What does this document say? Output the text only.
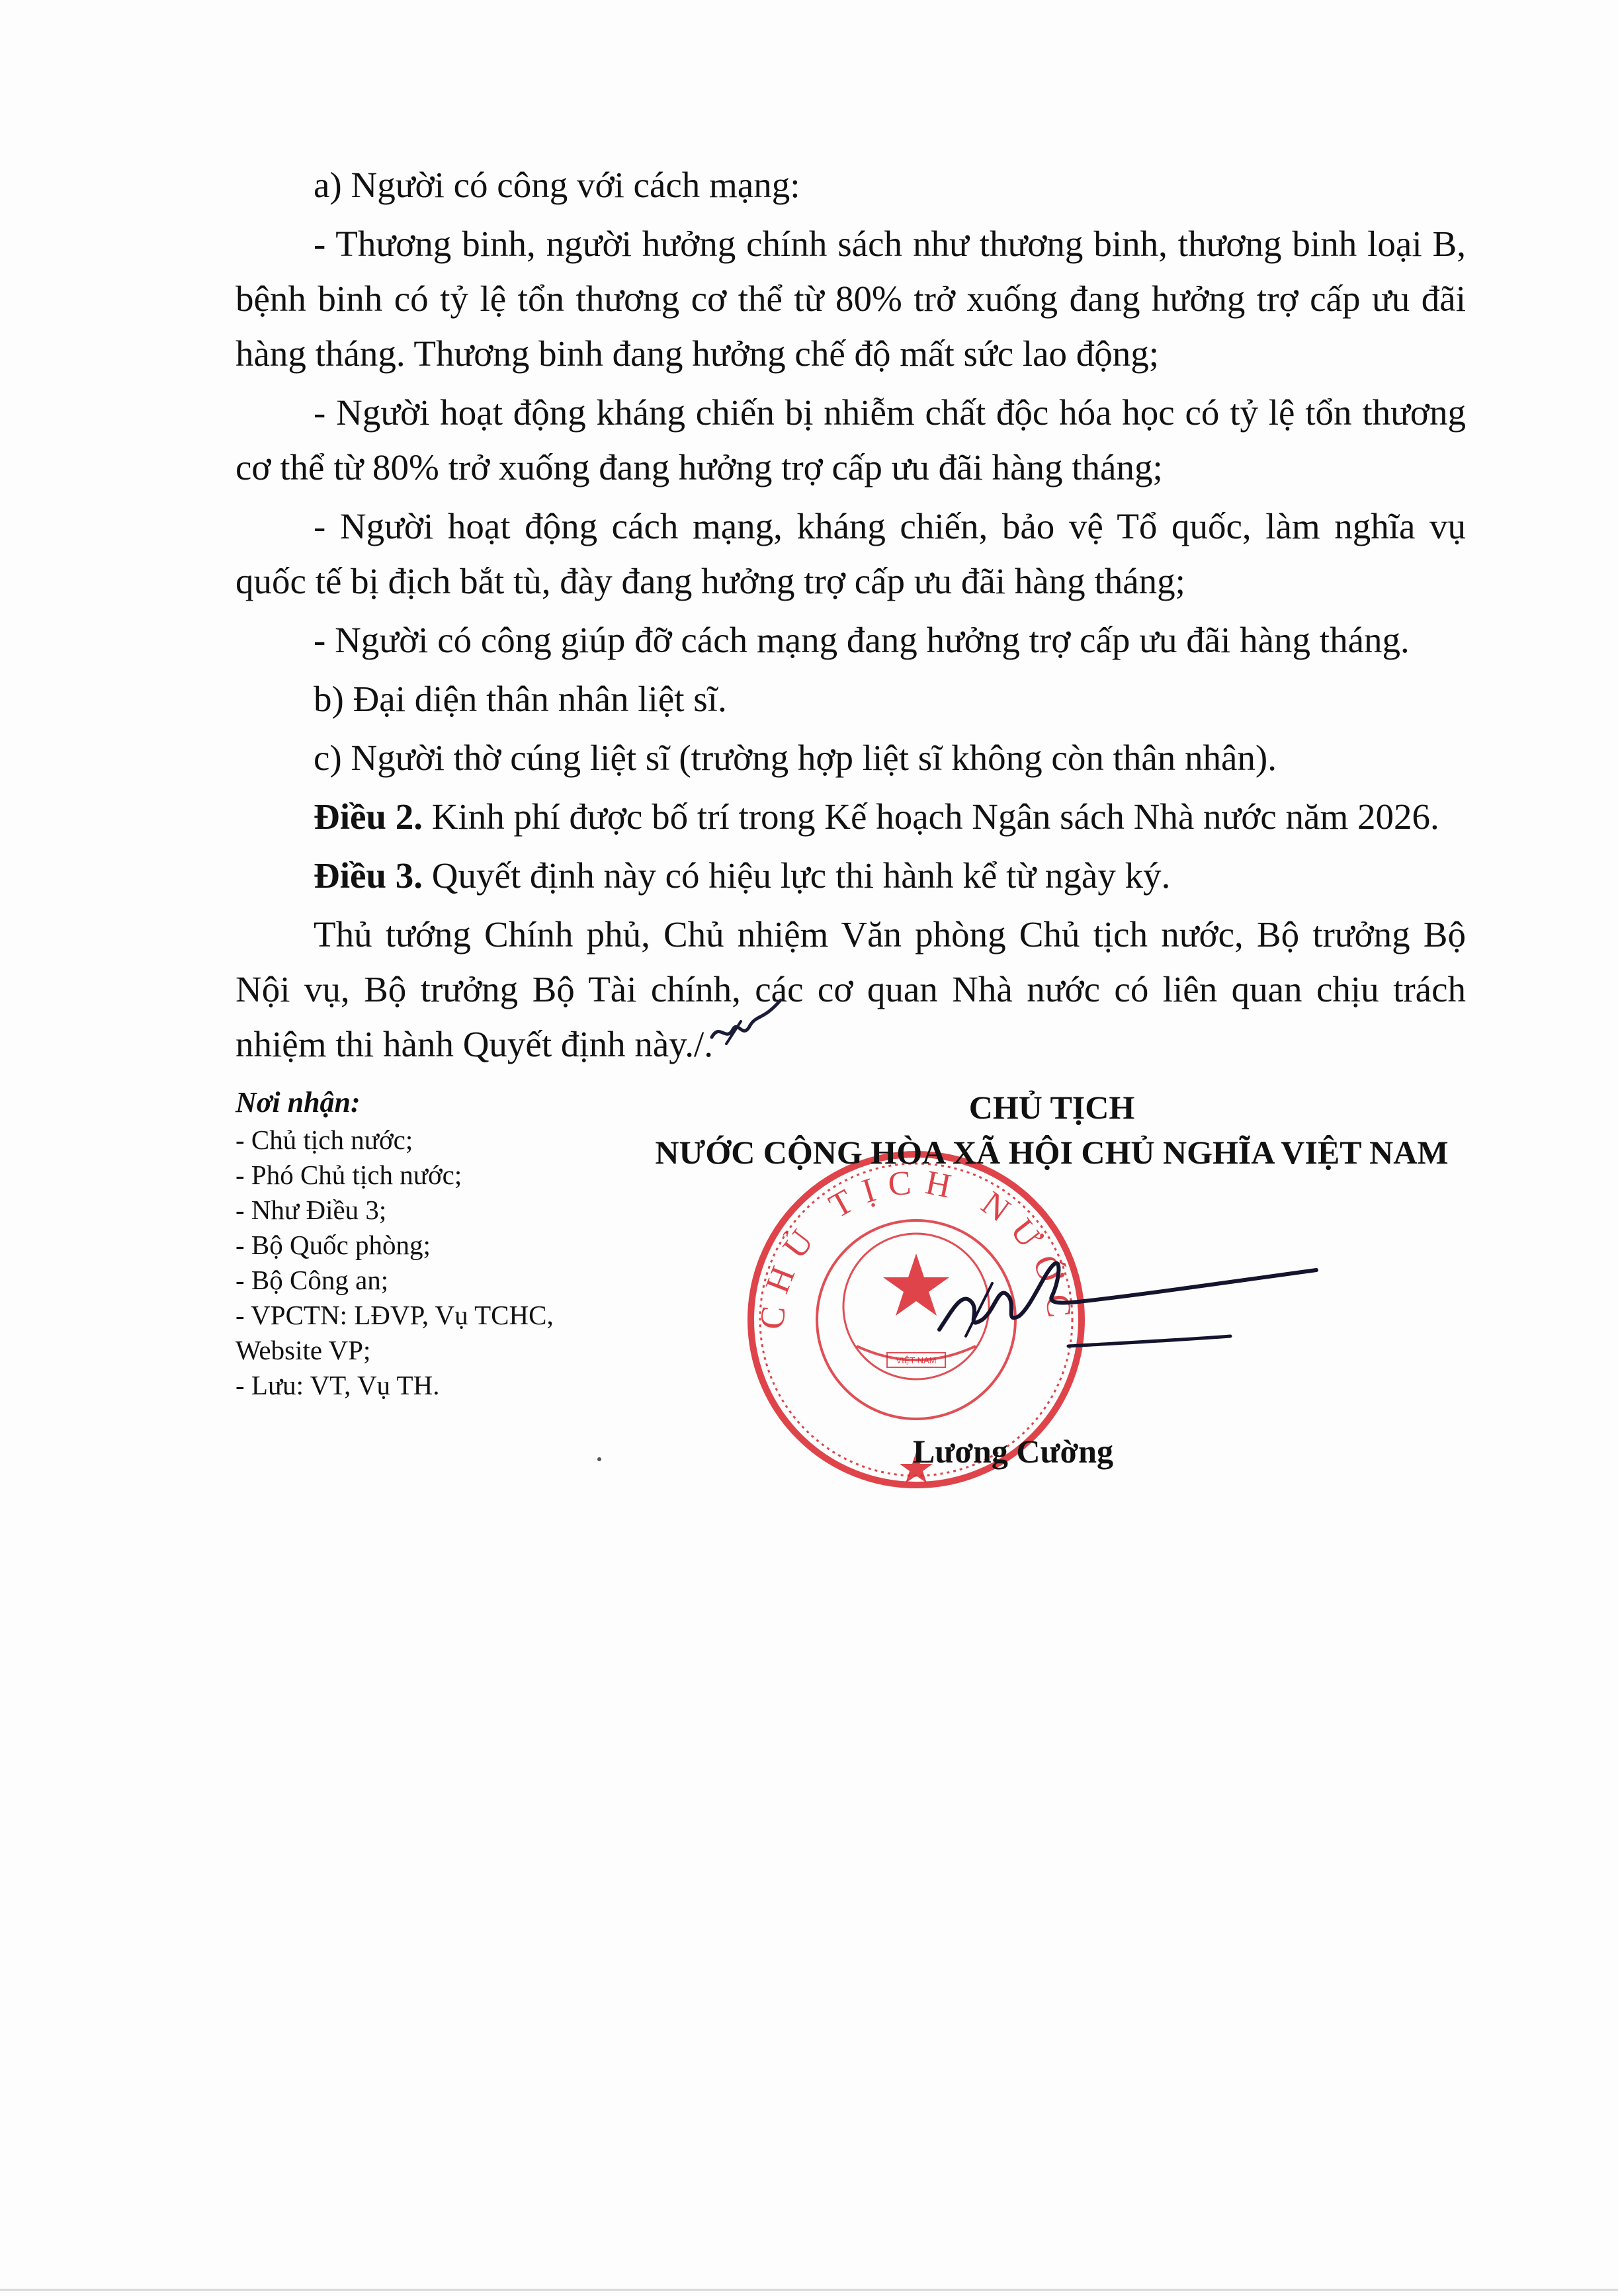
a) Người có công với cách mạng:

- Thương binh, người hưởng chính sách như thương binh, thương binh loại B, bệnh binh có tỷ lệ tổn thương cơ thể từ 80% trở xuống đang hưởng trợ cấp ưu đãi hàng tháng. Thương binh đang hưởng chế độ mất sức lao động;

- Người hoạt động kháng chiến bị nhiễm chất độc hóa học có tỷ lệ tổn thương cơ thể từ 80% trở xuống đang hưởng trợ cấp ưu đãi hàng tháng;

- Người hoạt động cách mạng, kháng chiến, bảo vệ Tổ quốc, làm nghĩa vụ quốc tế bị địch bắt tù, đày đang hưởng trợ cấp ưu đãi hàng tháng;

- Người có công giúp đỡ cách mạng đang hưởng trợ cấp ưu đãi hàng tháng.

b) Đại diện thân nhân liệt sĩ.

c) Người thờ cúng liệt sĩ (trường hợp liệt sĩ không còn thân nhân).

Điều 2. Kinh phí được bố trí trong Kế hoạch Ngân sách Nhà nước năm 2026.

Điều 3. Quyết định này có hiệu lực thi hành kể từ ngày ký.

Thủ tướng Chính phủ, Chủ nhiệm Văn phòng Chủ tịch nước, Bộ trưởng Bộ Nội vụ, Bộ trưởng Bộ Tài chính, các cơ quan Nhà nước có liên quan chịu trách nhiệm thi hành Quyết định này./.

Nơi nhận:
- Chủ tịch nước;
- Phó Chủ tịch nước;
- Như Điều 3;
- Bộ Quốc phòng;
- Bộ Công an;
- VPCTN: LĐVP, Vụ TCHC,
Website VP;
- Lưu: VT, Vụ TH.
CHỦ TỊCH NƯỚC
VIỆT NAM
CHỦ TỊCH
NƯỚC CỘNG HÒA XÃ HỘI CHỦ NGHĨA VIỆT NAM
Lương Cường
